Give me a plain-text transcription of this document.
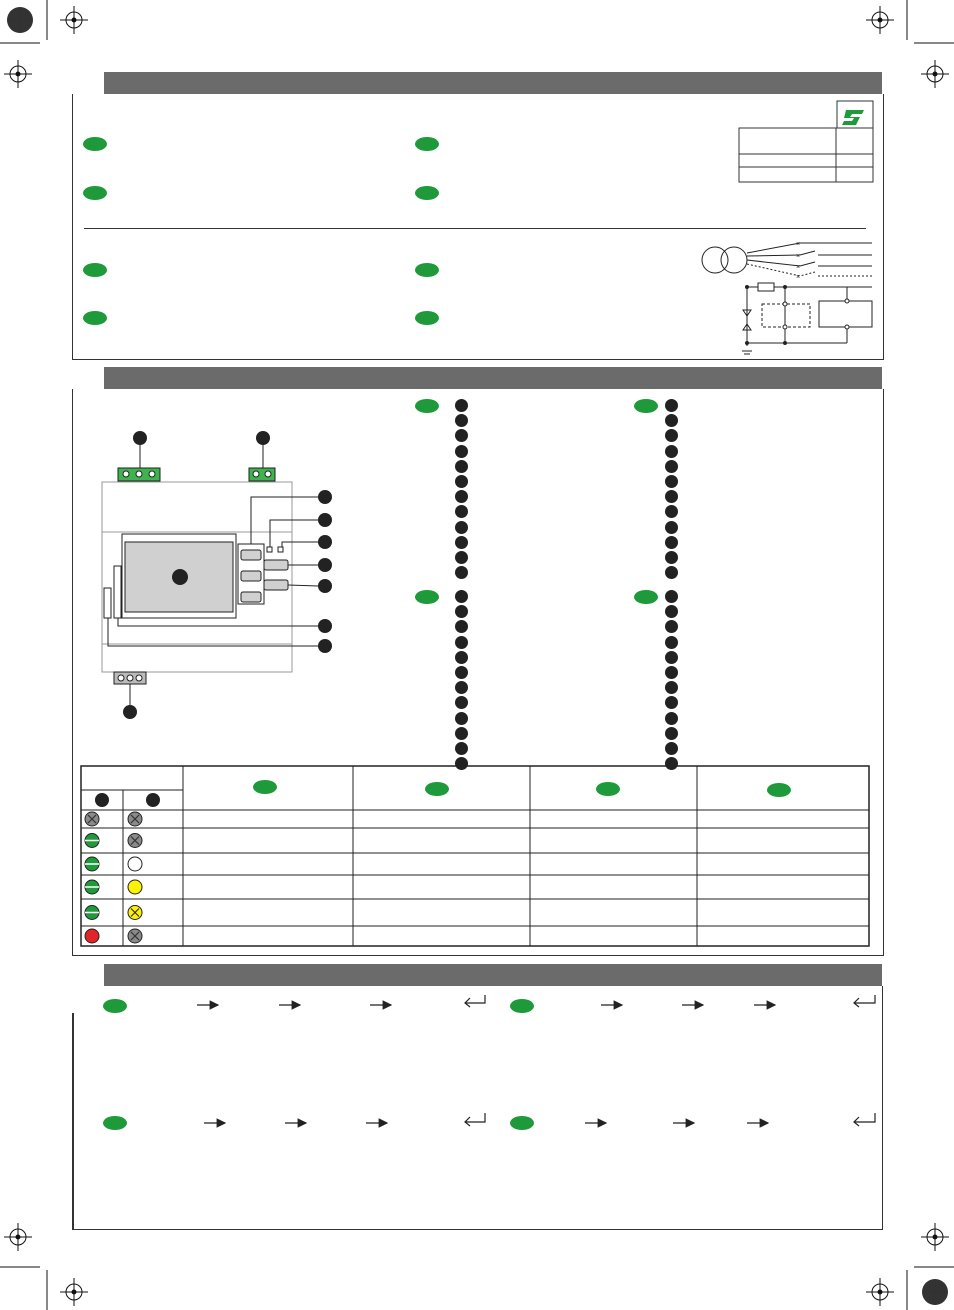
×
×
×
×
